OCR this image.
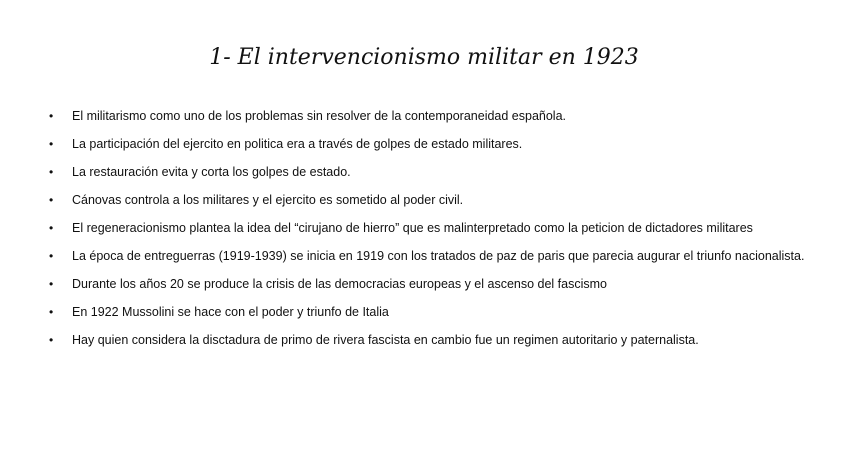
1- El intervencionismo militar en 1923
• El militarismo como uno de los problemas sin resolver de la contemporaneidad española.
• La participación del ejercito en politica era a través de golpes de estado militares.
• La restauración evita y corta los golpes de estado.
• Cánovas controla a los militares y el ejercito es sometido al poder civil.
• El regeneracionismo plantea la idea del “cirujano de hierro” que es malinterpretado como la peticion de dictadores militares
• La época de entreguerras (1919-1939) se inicia en 1919 con los tratados de paz de paris que parecia augurar el triunfo nacionalista.
• Durante los años 20 se produce la crisis de las democracias europeas y el ascenso del fascismo
• En 1922 Mussolini se hace con el poder y triunfo de Italia
• Hay quien considera la disctadura de primo de rivera fascista en cambio fue un regimen autoritario y paternalista.
